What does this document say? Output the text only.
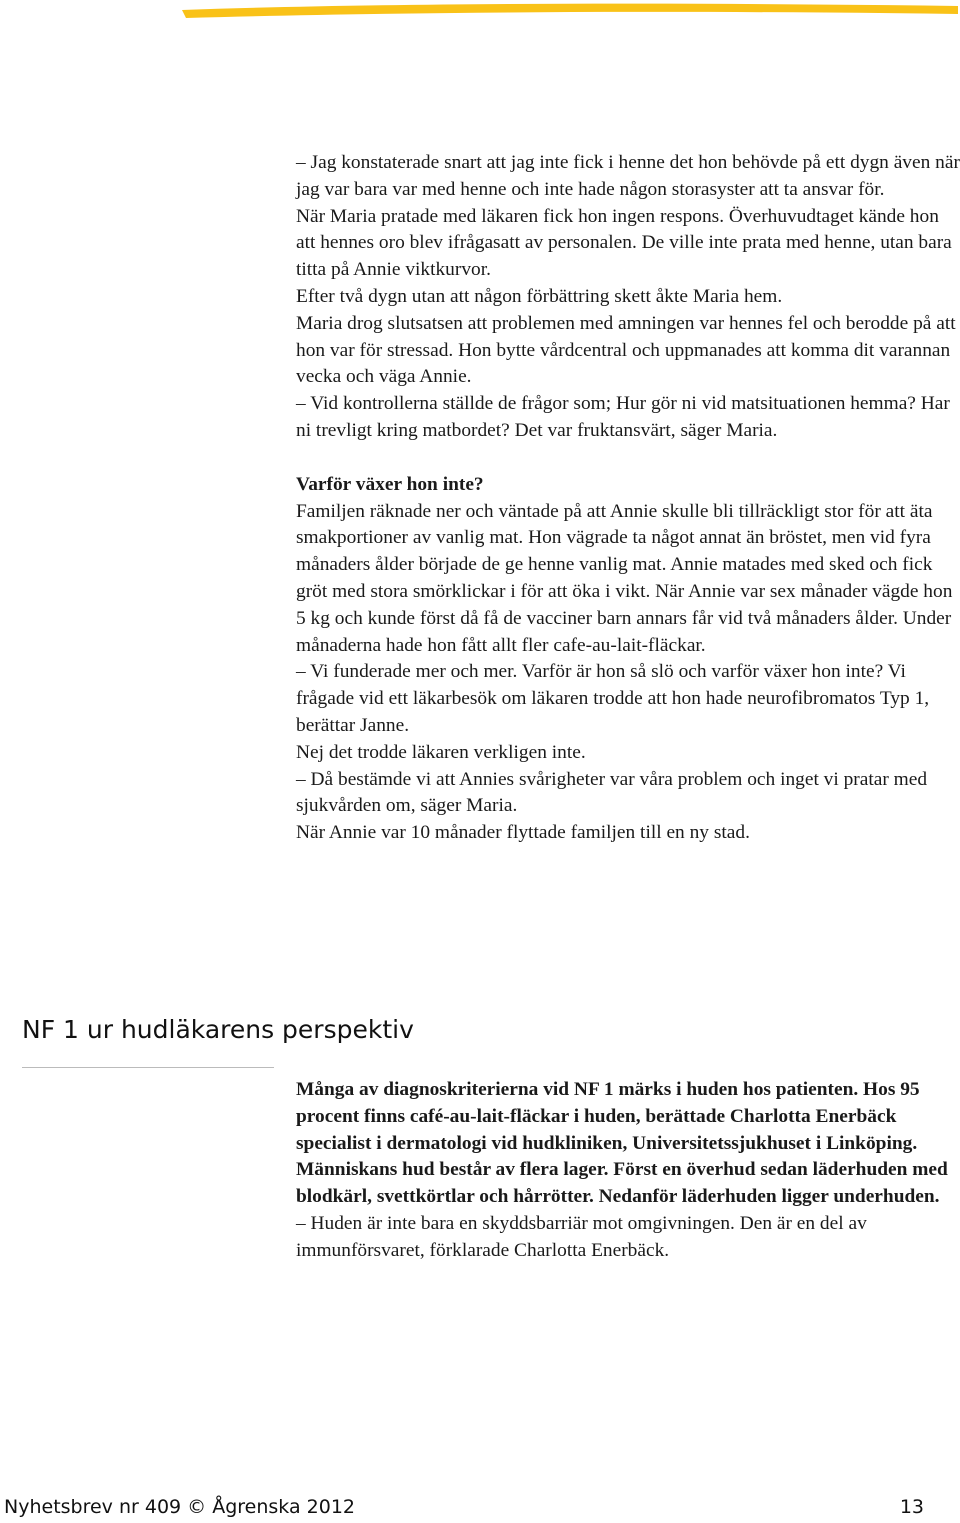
– Jag konstaterade snart att jag inte fick i henne det hon behövde på ett dygn även när jag var bara var med henne och inte hade någon storasyster att ta ansvar för.

När Maria pratade med läkaren fick hon ingen respons. Överhuvudtaget kände hon att hennes oro blev ifrågasatt av personalen. De ville inte prata med henne, utan bara titta på Annie viktkurvor.

Efter två dygn utan att någon förbättring skett åkte Maria hem.

Maria drog slutsatsen att problemen med amningen var hennes fel och berodde på att hon var för stressad. Hon bytte vårdcentral och uppmanades att komma dit varannan vecka och väga Annie.

– Vid kontrollerna ställde de frågor som; Hur gör ni vid matsituationen hemma? Har ni trevligt kring matbordet? Det var fruktansvärt, säger Maria.

Varför växer hon inte?

Familjen räknade ner och väntade på att Annie skulle bli tillräckligt stor för att äta smakportioner av vanlig mat. Hon vägrade ta något annat än bröstet, men vid fyra månaders ålder började de ge henne vanlig mat. Annie matades med sked och fick gröt med stora smörklickar i för att öka i vikt. När Annie var sex månader vägde hon 5 kg och kunde först då få de vacciner barn annars får vid två månaders ålder. Under månaderna hade hon fått allt fler cafe-au-lait-fläckar.

– Vi funderade mer och mer. Varför är hon så slö och varför växer hon inte? Vi frågade vid ett läkarbesök om läkaren trodde att hon hade neurofibromatos Typ 1, berättar Janne.

Nej det trodde läkaren verkligen inte.

– Då bestämde vi att Annies svårigheter var våra problem och inget vi pratar med sjukvården om, säger Maria.

När Annie var 10 månader flyttade familjen till en ny stad.

NF 1 ur hudläkarens perspektiv

Många av diagnoskriterierna vid NF 1 märks i huden hos patienten. Hos 95 procent finns café-au-lait-fläckar i huden, berättade Charlotta Enerbäck specialist i dermatologi vid hudkliniken, Universitetssjukhuset i Linköping.

Människans hud består av flera lager. Först en överhud sedan läderhuden med blodkärl, svettkörtlar och hårrötter. Nedanför läderhuden ligger underhuden.

– Huden är inte bara en skyddsbarriär mot omgivningen. Den är en del av immunförsvaret, förklarade Charlotta Enerbäck.

Nyhetsbrev nr 409 © Ågrenska 2012	13
